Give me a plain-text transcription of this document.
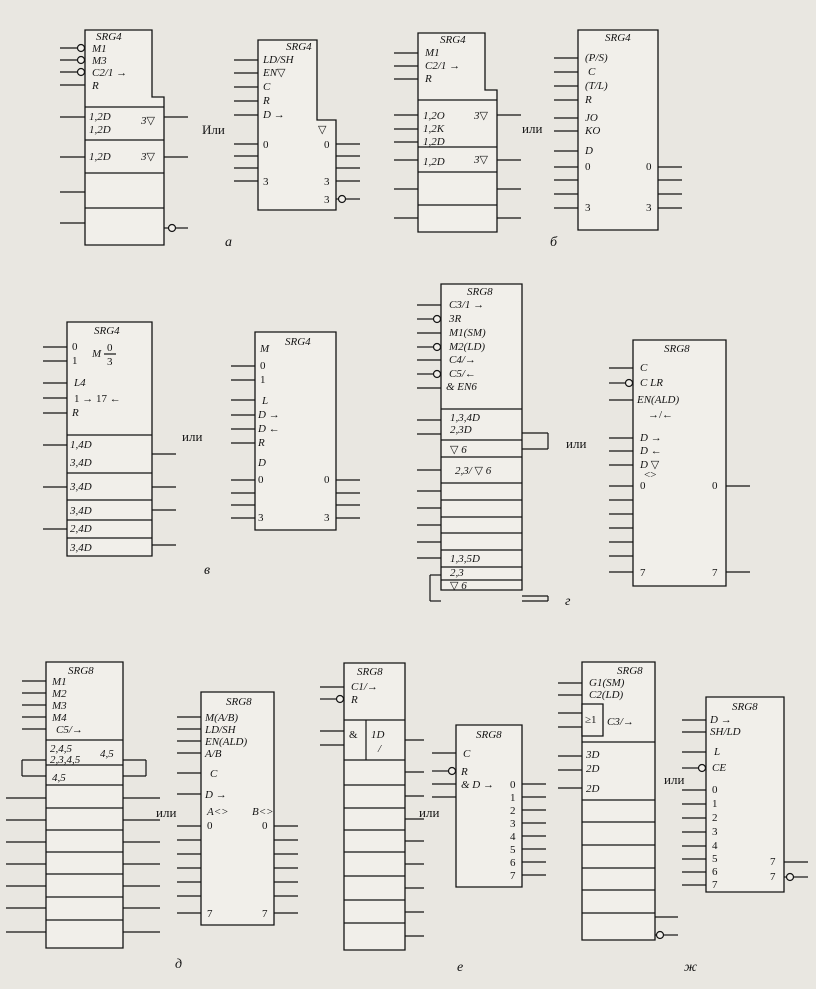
SRG4
M1
M3
C2/1 →
R
1,2D
1,2D
3▽
1,2D	3▽
Или
SRG4
LD/SH
EN▽
C
R
D →
▽
0	0
3	3
3
а
SRG4
M1
C2/1 →
R
1,2O	3▽
1,2K
1,2D
1,2D	3▽
или
SRG4
(P/S)
C
(T/L)
R
JO
KO
D
0	0
3	3
б
SRG4
0
1
M 0
3
L4
1 → 17 ←
R
1,4D
3,4D
3,4D
3,4D
2,4D
3,4D
или
SRG4
M
0
1
L
D →
D ←
R
D
0	0
3	3
в
SRG8
C3/1 →
3R
M1(SM)
M2(LD)
C4/→
C5/←
& EN6
1,3,4D
2,3D
▽ 6
2,3/ ▽ 6
1,3,5D
2,3
▽ 6
или
SRG8
C
C LR
EN(ALD)
→/←
D →
D ←
D ▽
<>
0	0
7	7
г
SRG8
M1
M2
M3
M4
C5/→
2,4,5	4,5
2,3,4,5
4,5
или
SRG8
M(A/B)
LD/SH
EN(ALD)
A/B
C
D →
A<> B<>
0	0
7	7
д
SRG8
C1/→
R
& 1D
/
или
SRG8
C
R
& D → 0
1
2
3
4
5
6
7
е
SRG8
G1(SM)
C2(LD)
≥1 C3/→
3D
2D
2D
или
SRG8
D →
SH/LD
L
CE
0
1
2
3
4
5
6
7
7
7
ж
